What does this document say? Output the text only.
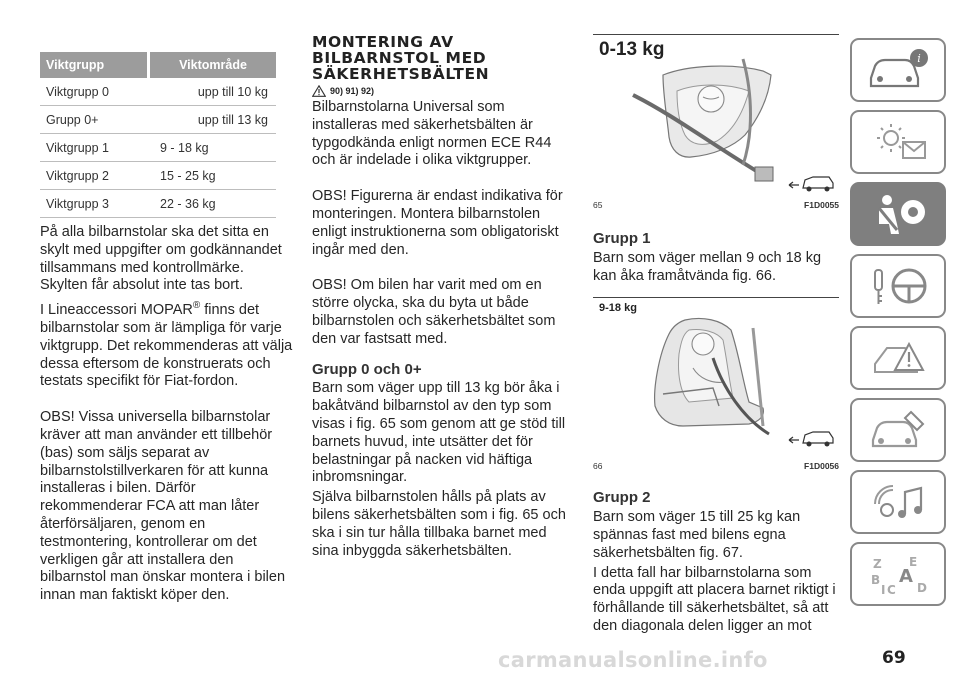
Viktgrupp	Viktområde
Viktgrupp 0	upp till 10 kg
Grupp 0+	upp till 13 kg
Viktgrupp 1	9 - 18 kg
Viktgrupp 2	15 - 25 kg
Viktgrupp 3	22 - 36 kg

På alla bilbarnstolar ska det sitta en skylt med uppgifter om godkännandet tillsammans med kontrollmärke. Skylten får absolut inte tas bort.

I Lineaccessori MOPAR® finns det bilbarnstolar som är lämpliga för varje viktgrupp. Det rekommenderas att välja dessa eftersom de konstruerats och testats specifikt för Fiat-fordon.

OBS! Vissa universella bilbarnstolar kräver att man använder ett tillbehör (bas) som säljs separat av bilbarnstolstillverkaren för att kunna installeras i bilen. Därför rekommenderar FCA att man låter återförsäljaren, genom en testmontering, kontrollerar om det verkligen går att installera den bilbarnstol man önskar montera i bilen innan man faktiskt köper den.

MONTERING AV
BILBARNSTOL MED
SÄKERHETSBÄLTEN
90) 91) 92)

Bilbarnstolarna Universal som installeras med säkerhetsbälten är typgodkända enligt normen ECE R44 och är indelade i olika viktgrupper.

OBS! Figurerna är endast indikativa för monteringen. Montera bilbarnstolen enligt instruktionerna som obligatoriskt ingår med den.

OBS! Om bilen har varit med om en större olycka, ska du byta ut både bilbarnstolen och säkerhetsbältet som den var fastsatt med.

Grupp 0 och 0+

Barn som väger upp till 13 kg bör åka i bakåtvänd bilbarnstol av den typ som visas i fig. 65 som genom att ge stöd till barnets huvud, inte utsätter det för belastningar på nacken vid häftiga inbromsningar.

Själva bilbarnstolen hålls på plats av bilens säkerhetsbälten som i fig. 65 och ska i sin tur hålla tillbaka barnet med sina inbyggda säkerhetsbälten.

0-13 kg
65	F1D0055
Grupp 1

Barn som väger mellan 9 och 18 kg kan åka framåtvända fig. 66.

9-18 kg
66	F1D0056
Grupp 2

Barn som väger 15 till 25 kg kan spännas fast med bilens egna säkerhetsbälten fig. 67.

I detta fall har bilbarnstolarna som enda uppgift att placera barnet riktigt i förhållande till säkerhetsbältet, så att den diagonala delen ligger an mot

i
Z E
A
B
C D
I
carmanualsonline.info	69
